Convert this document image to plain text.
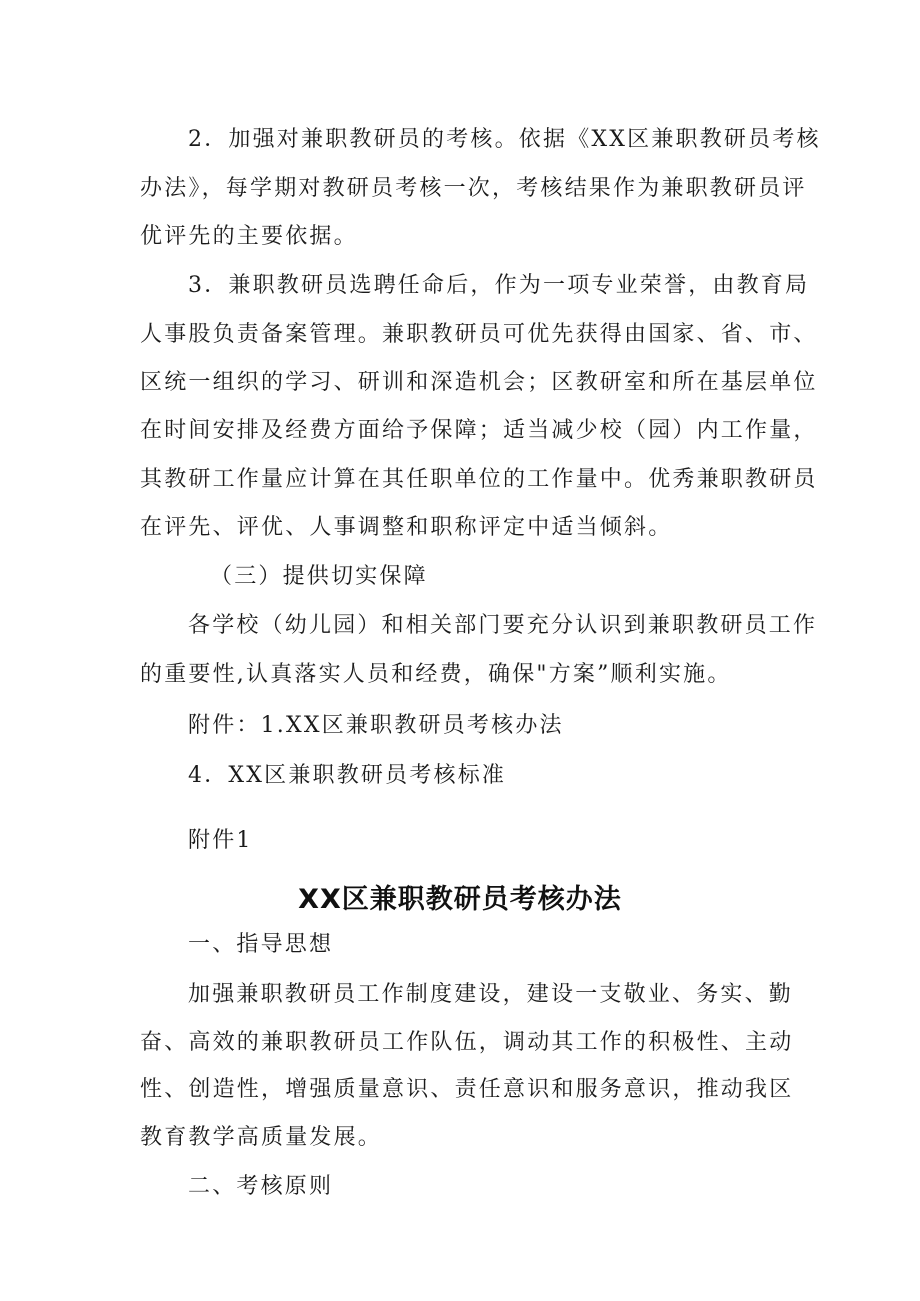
2．加强对兼职教研员的考核。依据《XX区兼职教研员考核
办法》，每学期对教研员考核一次，考核结果作为兼职教研员评
优评先的主要依据。
3．兼职教研员选聘任命后，作为一项专业荣誉，由教育局
人事股负责备案管理。兼职教研员可优先获得由国家、省、市、
区统一组织的学习、研训和深造机会；区教研室和所在基层单位
在时间安排及经费方面给予保障；适当减少校（园）内工作量，
其教研工作量应计算在其任职单位的工作量中。优秀兼职教研员
在评先、评优、人事调整和职称评定中适当倾斜。
（三）提供切实保障
各学校（幼儿园）和相关部门要充分认识到兼职教研员工作
的重要性,认真落实人员和经费，确保"方案”顺利实施。
附件：1.XX区兼职教研员考核办法
4．XX区兼职教研员考核标准
附件1
XX区兼职教研员考核办法
一、指导思想
加强兼职教研员工作制度建设，建设一支敬业、务实、勤
奋、高效的兼职教研员工作队伍，调动其工作的积极性、主动
性、创造性，增强质量意识、责任意识和服务意识，推动我区
教育教学高质量发展。
二、考核原则
